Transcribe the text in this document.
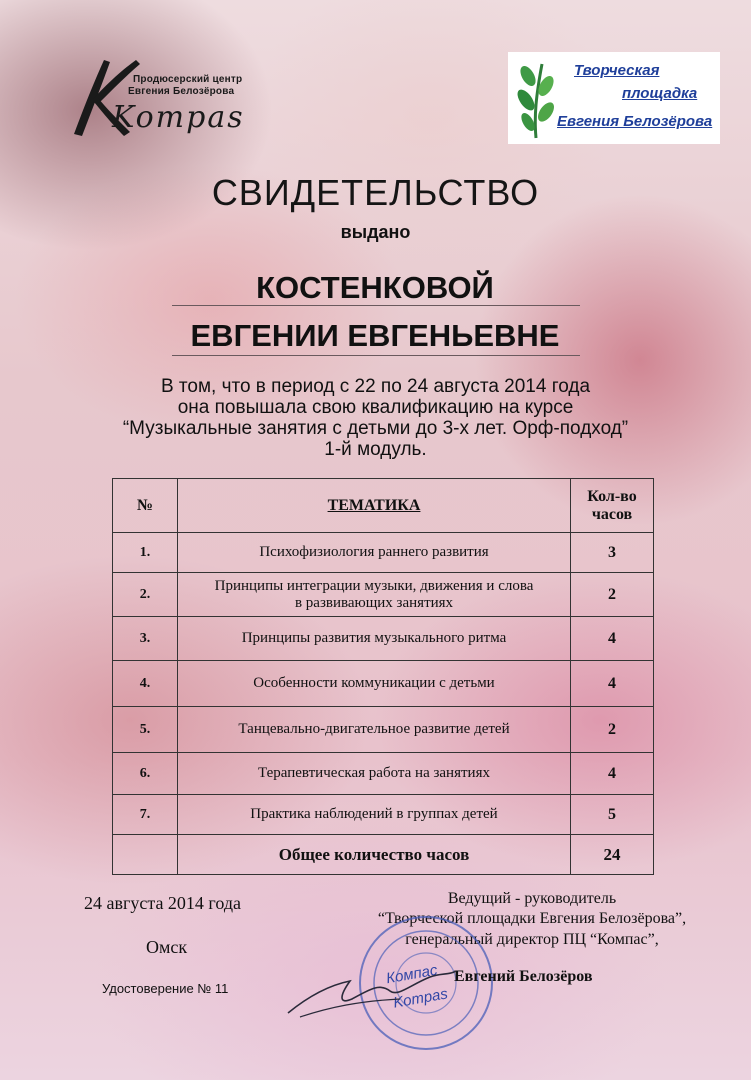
Продюсерский центр
Евгения Белозёрова
Kompas
Творческая
площадка
Евгения Белозёрова
СВИДЕТЕЛЬСТВО
выдано
КОСТЕНКОВОЙ
ЕВГЕНИИ ЕВГЕНЬЕВНЕ
В том, что в период с 22 по 24 августа 2014 года
она повышала свою квалификацию на курсе
“Музыкальные занятия с детьми до 3-х лет. Орф-подход”
1-й модуль.
№	ТЕМАТИКА	Кол-во
часов

1.	Психофизиология раннего развития	3
2.	Принципы интеграции музыки, движения и слова
в развивающих занятиях	2
3.	Принципы развития музыкального ритма	4
4.	Особенности коммуникации с детьми	4
5.	Танцевально-двигательное развитие детей	2
6.	Терапевтическая работа на занятиях	4
7.	Практика наблюдений в группах детей	5
	Общее количество часов	24
24 августа 2014 года
Омск
Удостоверение № 11
Ведущий - руководитель
“Творческой площадки Евгения Белозёрова”,
генеральный директор ПЦ “Компас”,
Компас
Kompas
Евгений Белозёров
